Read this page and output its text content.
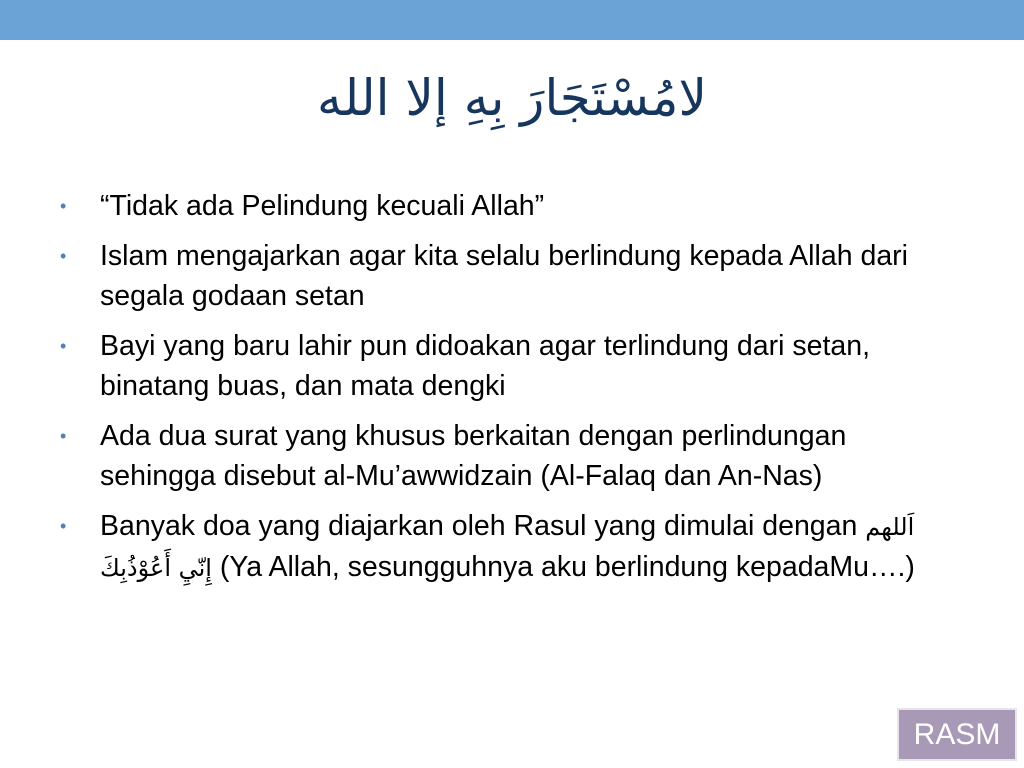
لامُسْتَجَارَ بِهِ إلا الله
• “Tidak ada Pelindung kecuali Allah”
• Islam mengajarkan agar kita selalu berlindung kepada Allah dari segala godaan setan
• Bayi yang baru lahir pun didoakan agar terlindung dari setan, binatang buas, dan mata dengki
• Ada dua surat yang khusus berkaitan dengan perlindungan sehingga disebut al-Mu’awwidzain (Al-Falaq dan An-Nas)
• Banyak doa yang diajarkan oleh Rasul yang dimulai dengan اَللهم إِنّيِ أَعُوْذُبِكَ (Ya Allah, sesungguhnya aku berlindung kepadaMu….)
RASM
